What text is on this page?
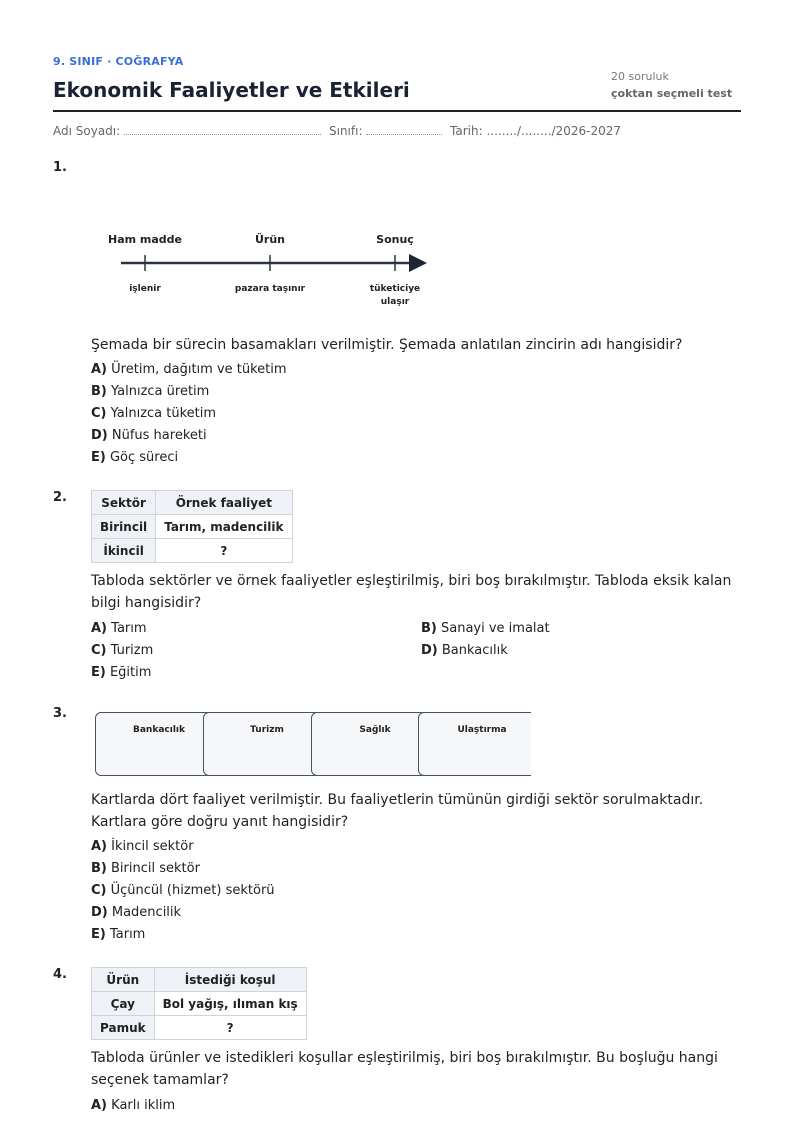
9. SINIF · COĞRAFYA
Ekonomik Faaliyetler ve Etkileri
20 soruluk
çoktan seçmeli test
Adı Soyadı:	Sınıfı:	Tarih: ......../......../2026-2027
1.
Ham madde	Ürün	Sonuç
işlenir	pazara taşınır	tüketiciye ulaşır
Şemada bir sürecin basamakları verilmiştir. Şemada anlatılan zincirin adı hangisidir?
A) Üretim, dağıtım ve tüketim
B) Yalnızca üretim
C) Yalnızca tüketim
D) Nüfus hareketi
E) Göç süreci
2.	Sektör	Örnek faaliyet
Birincil	Tarım, madencilik
İkincil	?
Tabloda sektörler ve örnek faaliyetler eşleştirilmiş, biri boş bırakılmıştır. Tabloda eksik kalan bilgi hangisidir?
A) Tarım	B) Sanayi ve imalat
C) Turizm	D) Bankacılık
E) Eğitim
3.
Bankacılık	Turizm	Sağlık	Ulaştırma
Kartlarda dört faaliyet verilmiştir. Bu faaliyetlerin tümünün girdiği sektör sorulmaktadır. Kartlara göre doğru yanıt hangisidir?
A) İkincil sektör
B) Birincil sektör
C) Üçüncül (hizmet) sektörü
D) Madencilik
E) Tarım
4.	Ürün	İstediği koşul
Çay	Bol yağış, ılıman kış
Pamuk	?
Tabloda ürünler ve istedikleri koşullar eşleştirilmiş, biri boş bırakılmıştır. Bu boşluğu hangi seçenek tamamlar?
A) Karlı iklim
